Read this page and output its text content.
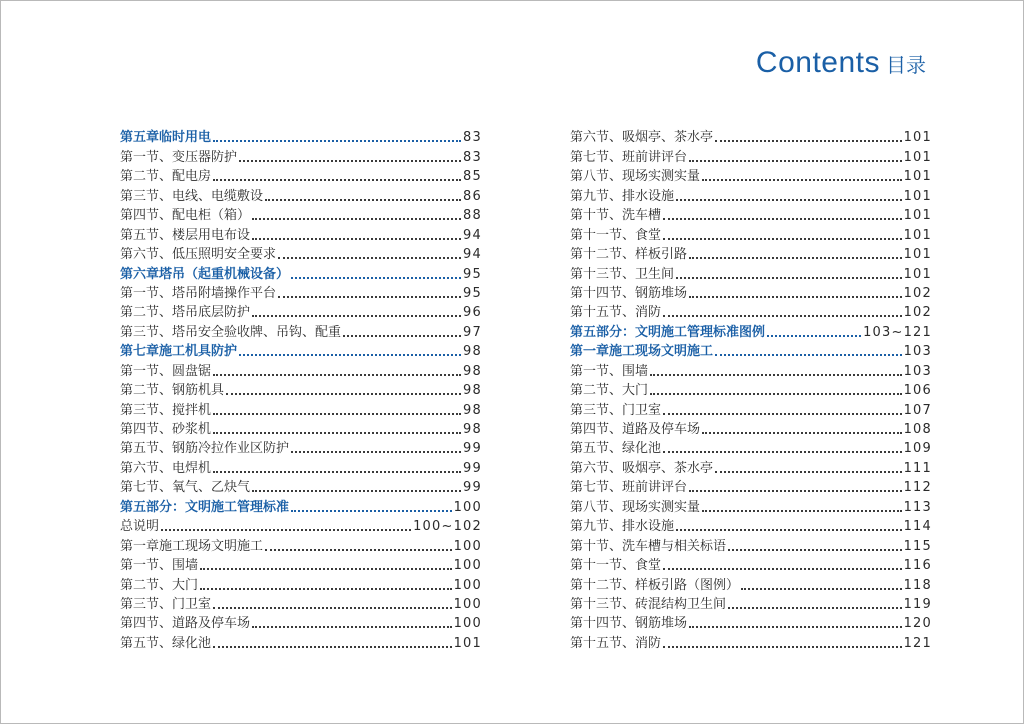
Contents 目录
第五章临时用电	83
第一节、变压器防护	83
第二节、配电房	85
第三节、电线、电缆敷设	86
第四节、配电柜（箱）	88
第五节、楼层用电布设	94
第六节、低压照明安全要求	94
第六章塔吊（起重机械设备）	95
第一节、塔吊附墙操作平台	95
第二节、塔吊底层防护	96
第三节、塔吊安全验收牌、吊钩、配重	97
第七章施工机具防护	98
第一节、圆盘锯	98
第二节、钢筋机具	98
第三节、搅拌机	98
第四节、砂浆机	98
第五节、钢筋冷拉作业区防护	99
第六节、电焊机	99
第七节、氧气、乙炔气	99
第五部分：文明施工管理标准	100
总说明	100~102
第一章施工现场文明施工	100
第一节、围墙	100
第二节、大门	100
第三节、门卫室	100
第四节、道路及停车场	100
第五节、绿化池	101
第六节、吸烟亭、茶水亭	101
第七节、班前讲评台	101
第八节、现场实测实量	101
第九节、排水设施	101
第十节、洗车槽	101
第十一节、食堂	101
第十二节、样板引路	101
第十三节、卫生间	101
第十四节、钢筋堆场	102
第十五节、消防	102
第五部分：文明施工管理标准图例	103~121
第一章施工现场文明施工	103
第一节、围墙	103
第二节、大门	106
第三节、门卫室	107
第四节、道路及停车场	108
第五节、绿化池	109
第六节、吸烟亭、茶水亭	111
第七节、班前讲评台	112
第八节、现场实测实量	113
第九节、排水设施	114
第十节、洗车槽与相关标语	115
第十一节、食堂	116
第十二节、样板引路（图例）	118
第十三节、砖混结构卫生间	119
第十四节、钢筋堆场	120
第十五节、消防	121
